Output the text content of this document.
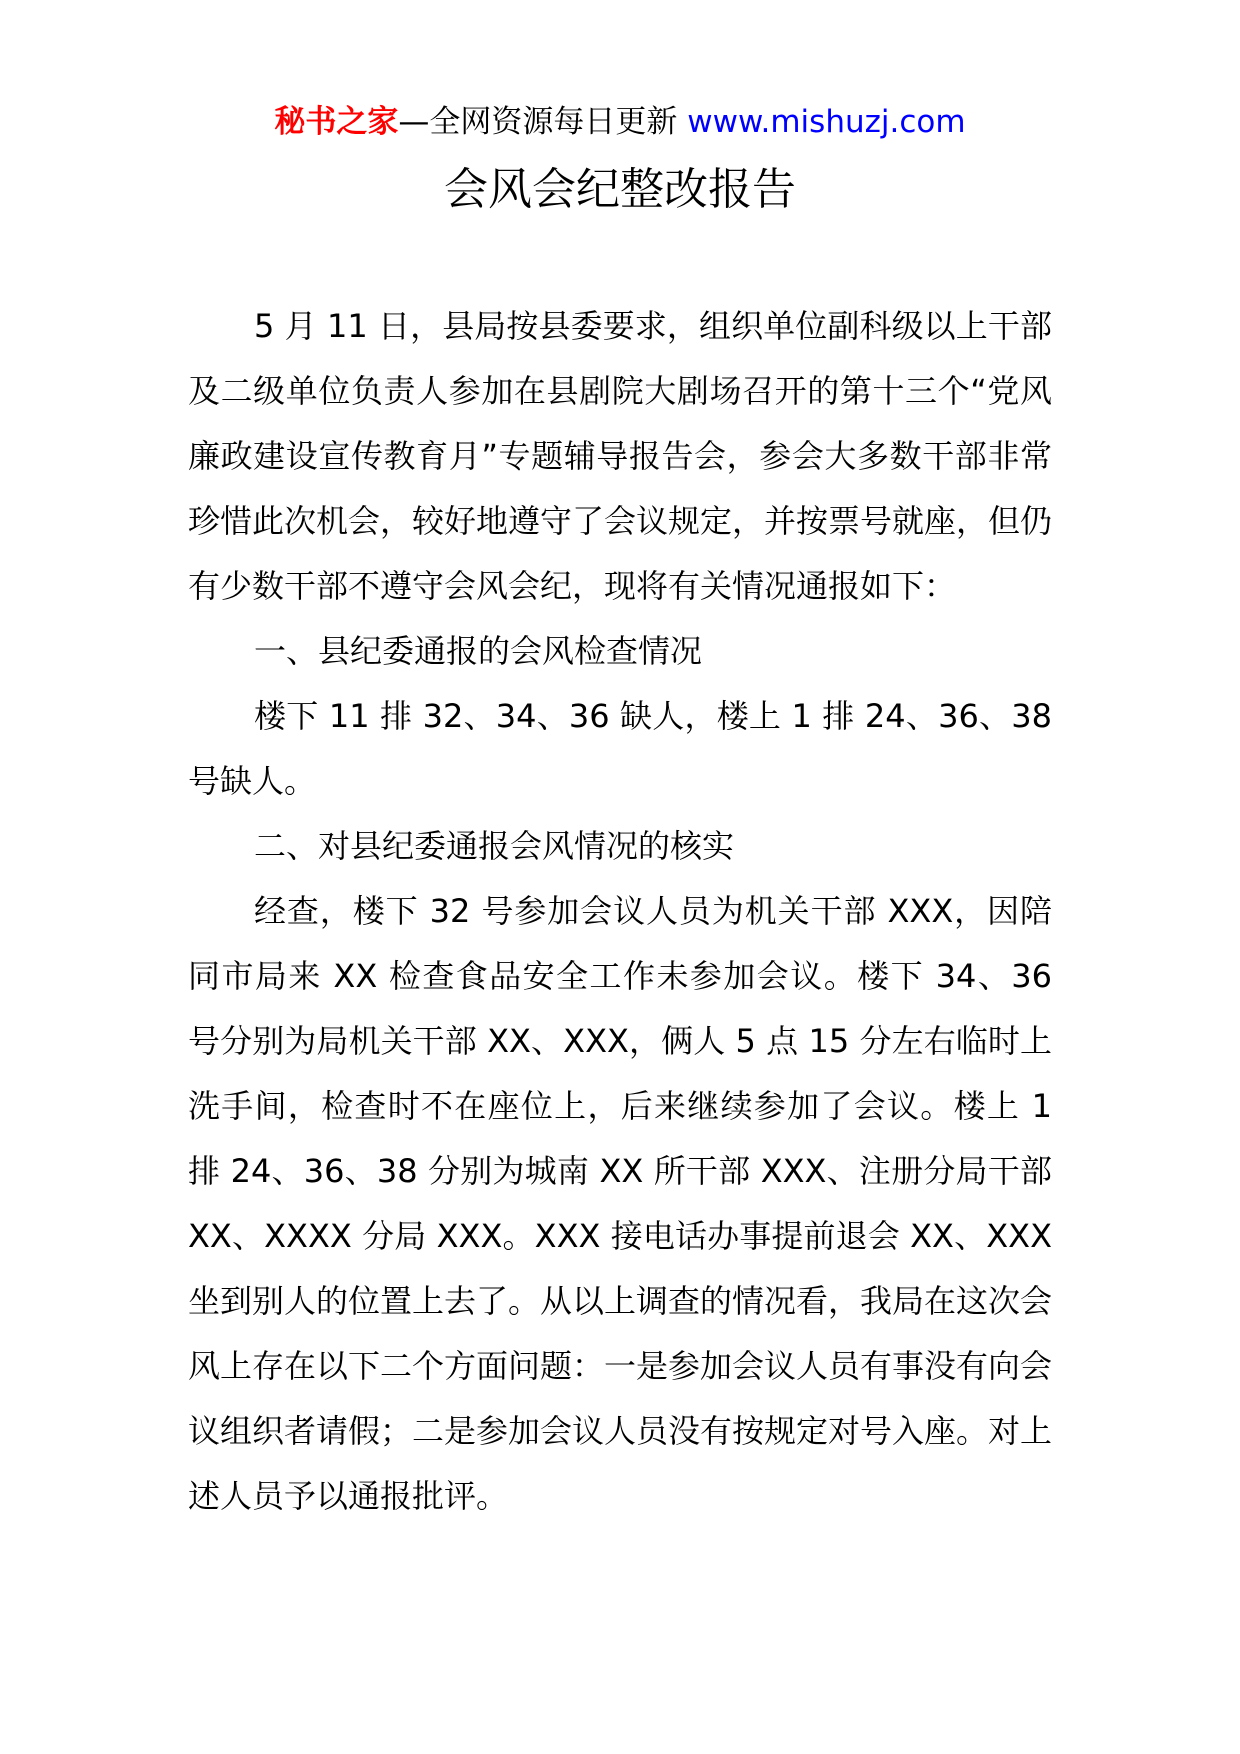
秘书之家—全网资源每日更新 www.mishuzj.com
会风会纪整改报告

5 月 11 日，县局按县委要求，组织单位副科级以上干部及二级单位负责人参加在县剧院大剧场召开的第十三个“党风廉政建设宣传教育月”专题辅导报告会，参会大多数干部非常珍惜此次机会，较好地遵守了会议规定，并按票号就座，但仍有少数干部不遵守会风会纪，现将有关情况通报如下：

一、县纪委通报的会风检查情况

楼下 11 排 32、34、36 缺人，楼上 1 排 24、36、38 号缺人。

二、对县纪委通报会风情况的核实

经查，楼下 32 号参加会议人员为机关干部 XXX，因陪同市局来 XX 检查食品安全工作未参加会议。楼下 34、36 号分别为局机关干部 XX、XXX，俩人 5 点 15 分左右临时上洗手间，检查时不在座位上，后来继续参加了会议。楼上 1 排 24、36、38 分别为城南 XX 所干部 XXX、注册分局干部 XX、XXXX 分局 XXX。XXX 接电话办事提前退会 XX、XXX 坐到别人的位置上去了。从以上调查的情况看，我局在这次会风上存在以下二个方面问题：一是参加会议人员有事没有向会议组织者请假；二是参加会议人员没有按规定对号入座。对上述人员予以通报批评。
